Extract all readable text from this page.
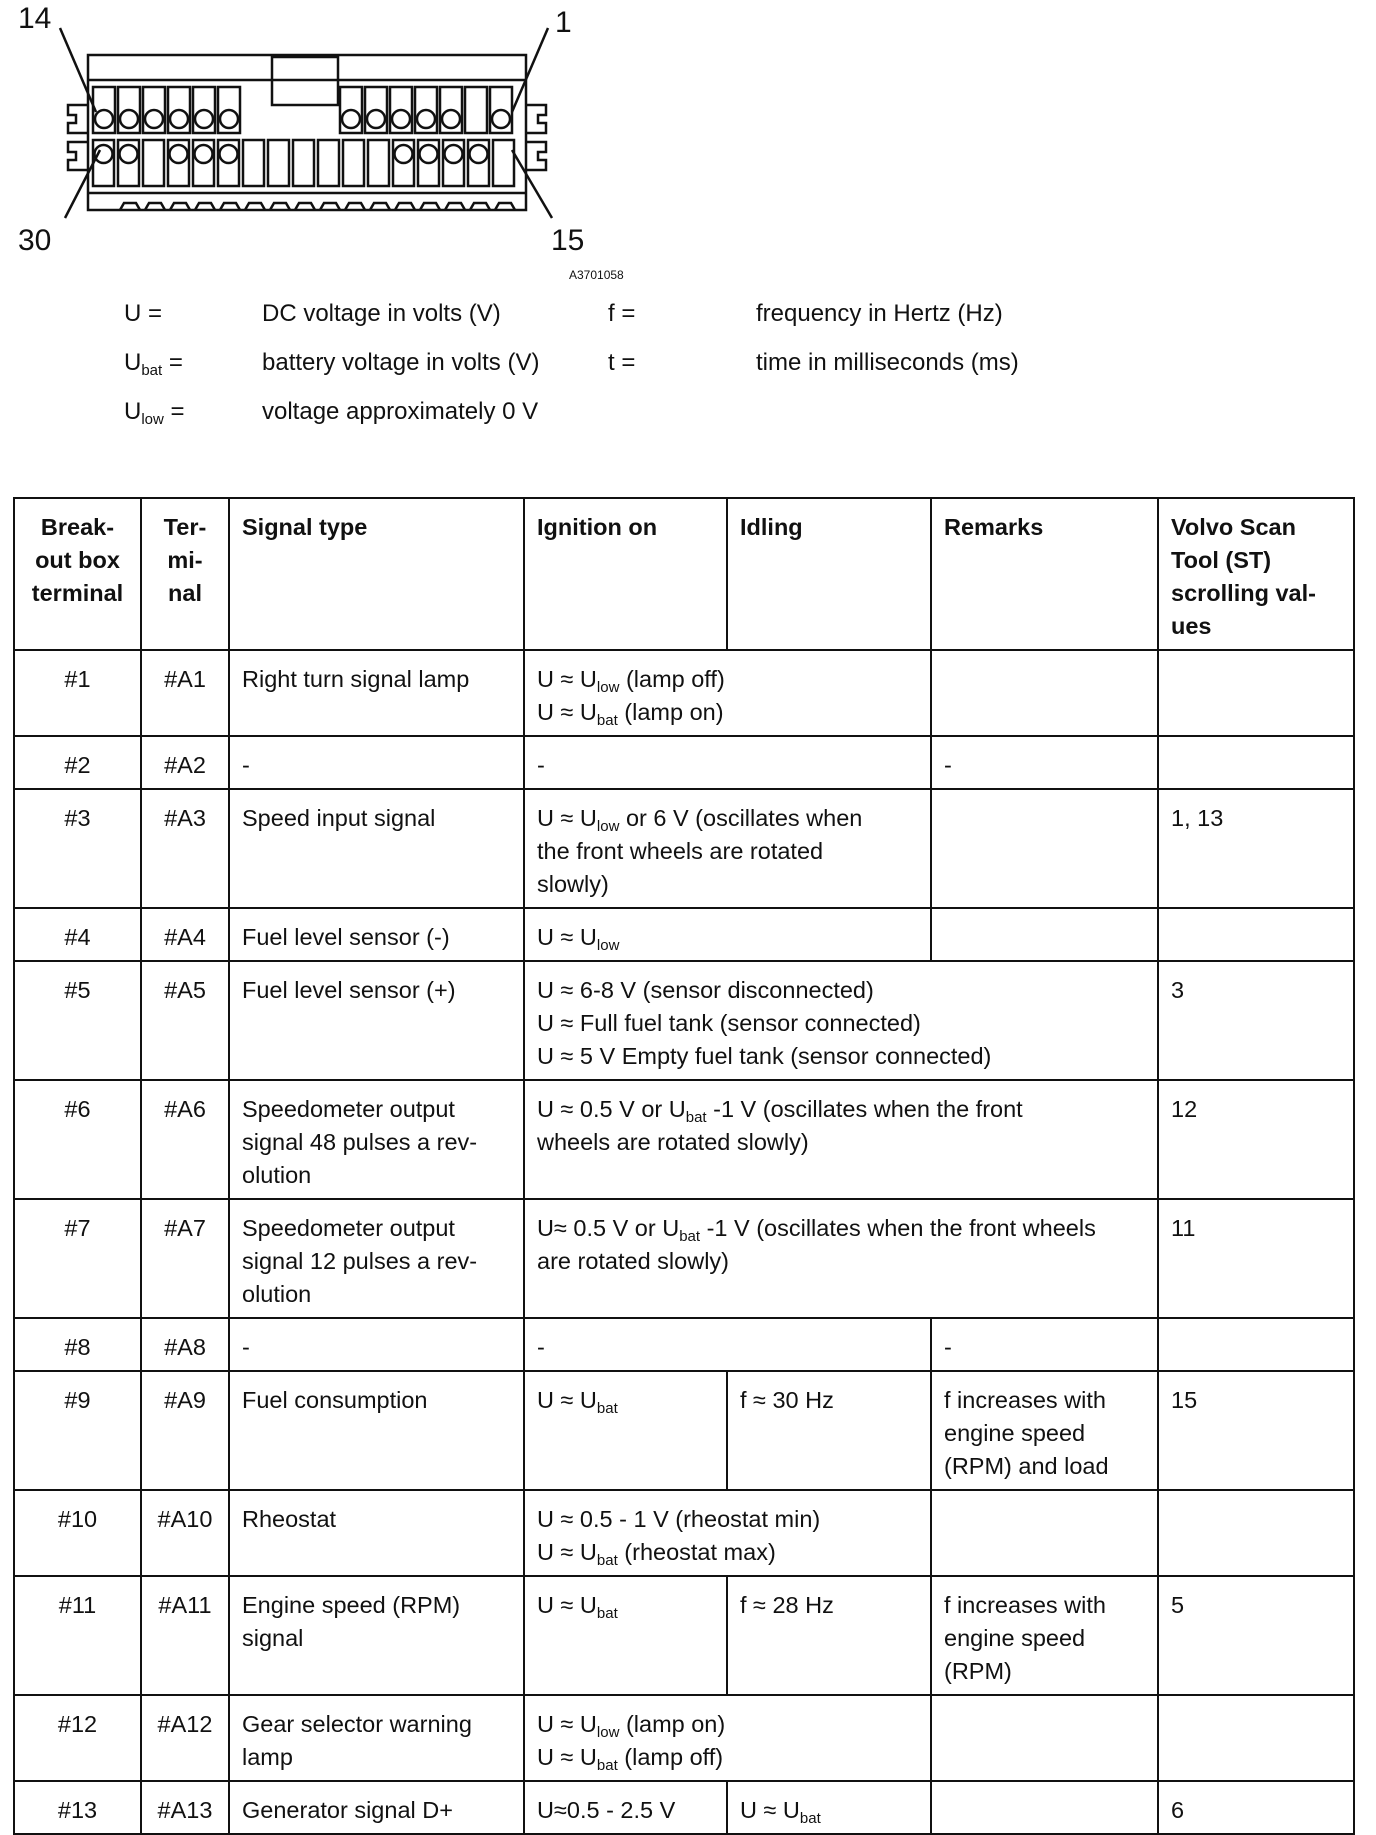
14	1
30	15
A3701058
U =	DC voltage in volts (V)	f =	frequency in Hertz (Hz)
$U_{bat}$ =	battery voltage in volts (V)	t =	time in milliseconds (ms)
$U_{low}$ =	voltage approximately 0 V
Break-
out box
terminal	Ter-
mi-
nal	Signal type	Ignition on	Idling	Remarks	Volvo Scan
Tool (ST)
scrolling val-
ues

#1	#A1	Right turn signal lamp	$U \approx U_{low}$ (lamp off)
$U \approx U_{bat}$ (lamp on)			

#2	#A2	-	-		-	
#3	#A3	Speed input signal	$U \approx U_{low}$ or 6 V (oscillates when
the front wheels are rotated
slowly)			1, 13
#4	#A4	Fuel level sensor (-)	$U \approx U_{low}$

#5	#A5	Fuel level sensor (+)	U ≈ 6-8 V (sensor disconnected)
U ≈ Full fuel tank (sensor connected)
U ≈ 5 V Empty fuel tank (sensor connected)			3
#6	#A6	Speedometer output
signal 48 pulses a rev-
olution	U ≈ 0.5 V or $U_{bat}$ -1 V (oscillates when the front
wheels are rotated slowly)			12
#7	#A7	Speedometer output
signal 12 pulses a rev-
olution	U≈ 0.5 V or $U_{bat}$ -1 V (oscillates when the front wheels
are rotated slowly)			11
#8	#A8	-	-		-	
#9	#A9	Fuel consumption	$U \approx U_{bat}$	f ≈ 30 Hz	f increases with
engine speed
(RPM) and load	15
#10	#A10	Rheostat	U ≈ 0.5 - 1 V (rheostat min)
$U \approx U_{bat}$ (rheostat max)			

#11	#A11	Engine speed (RPM)
signal	$U \approx U_{bat}$	f ≈ 28 Hz	f increases with
engine speed
(RPM)	5
#12	#A12	Gear selector warning
lamp	$U \approx U_{low}$ (lamp on)
$U \approx U_{bat}$ (lamp off)			

#13	#A13	Generator signal D+	U≈0.5 - 2.5 V	$U \approx U_{bat}$		6
